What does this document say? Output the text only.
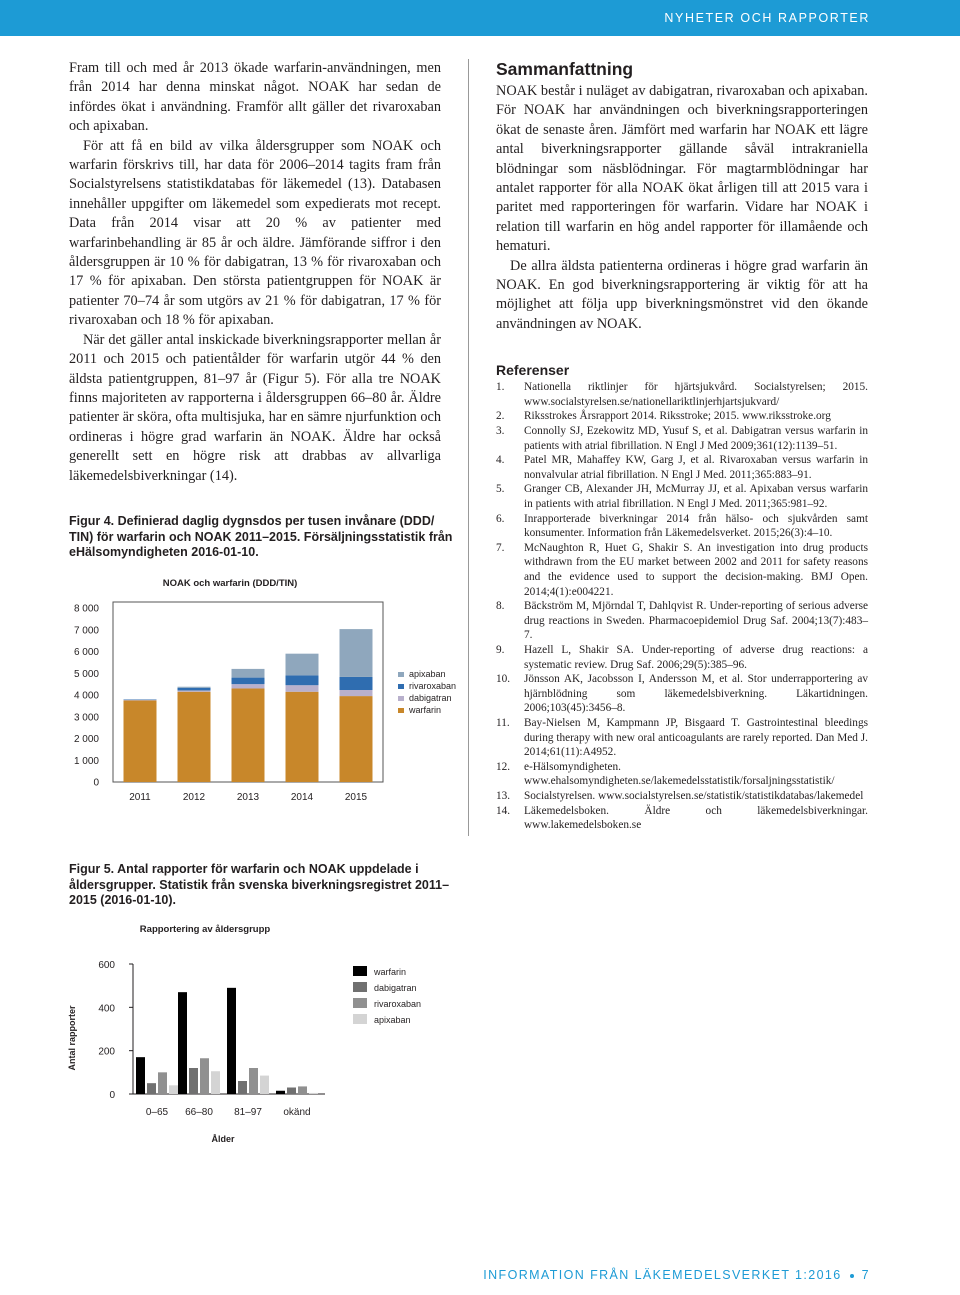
NYHETER OCH RAPPORTER

Fram till och med år 2013 ökade warfarin-användningen, men från 2014 har denna minskat något. NOAK har sedan de infördes ökat i användning. Framför allt gäller det rivaroxaban och apixaban.

För att få en bild av vilka åldersgrupper som NOAK och warfarin förskrivs till, har data för 2006–2014 tagits fram från Socialstyrelsens statistikdatabas för läkemedel (13). Databasen innehåller uppgifter om läkemedel som expedierats mot recept. Data från 2014 visar att 20 % av patienter med warfarinbehandling är 85 år och äldre. Jämförande siffror i den åldersgruppen är 10 % för dabigatran, 13 % för rivaroxaban och 17 % för apixaban. Den största patientgruppen för NOAK är patienter 70–74 år som utgörs av 21 % för dabigatran, 17 % för rivaroxaban och 18 % för apixaban.

När det gäller antal inskickade biverkningsrapporter mellan år 2011 och 2015 och patientålder för warfarin utgör 44 % den äldsta patientgruppen, 81–97 år (Figur 5). För alla tre NOAK finns majoriteten av rapporterna i åldersgruppen 66–80 år. Äldre patienter är sköra, ofta multisjuka, har en sämre njurfunktion och ordineras i högre grad warfarin än NOAK. Äldre har också generellt sett en högre risk att drabbas av allvarliga läkemedelsbiverkningar (14).

Figur 4. Definierad daglig dygnsdos per tusen invånare (DDD/ TIN) för warfarin och NOAK 2011–2015. Försäljningsstatistik från eHälsomyndigheten 2016-01-10.
NOAK och warfarin (DDD/TIN)
0
1 000
2 000
3 000
4 000
5 000
6 000
7 000
8 000
2011	2012	2013	2014	2015
apixaban
rivaroxaban
dabigatran
warfarin
Figur 5. Antal rapporter för warfarin och NOAK uppdelade i åldersgrupper. Statistik från svenska biverkningsregistret 2011–2015 (2016-01-10).
Rapportering av åldersgrupp
0
200
400
600
0–65 66–80 81–97 okänd
Ålder
Antal rapporter
warfarin
dabigatran
rivaroxaban
apixaban
Sammanfattning

NOAK består i nuläget av dabigatran, rivaroxaban och apixaban. För NOAK har användningen och biverkningsrapporteringen ökat de senaste åren. Jämfört med warfarin har NOAK ett lägre antal biverkningsrapporter gällande såväl intrakraniella blödningar som näsblödningar. För magtarmblödningar har antalet rapporter för alla NOAK ökat årligen till att 2015 vara i paritet med rapporteringen för warfarin. Vidare har NOAK i relation till warfarin en hög andel rapporter för illamående och hematuri.

De allra äldsta patienterna ordineras i högre grad warfarin än NOAK. En god biverkningsrapportering är viktig för att ha möjlighet att följa upp biverkningsmönstret vid den ökande användningen av NOAK.

Referenser
1. Nationella riktlinjer för hjärtsjukvård. Socialstyrelsen; 2015. www.socialstyrelsen.se/nationellariktlinjerhjartsjukvard/
2. Riksstrokes Årsrapport 2014. Riksstroke; 2015. www.riksstroke.org
3. Connolly SJ, Ezekowitz MD, Yusuf S, et al. Dabigatran versus warfarin in patients with atrial fibrillation. N Engl J Med 2009;361(12):1139–51.
4. Patel MR, Mahaffey KW, Garg J, et al. Rivaroxaban versus warfarin in nonvalvular atrial fibrillation. N Engl J Med. 2011;365:883–91.
5. Granger CB, Alexander JH, McMurray JJ, et al. Apixaban versus warfarin in patients with atrial fibrillation. N Engl J Med. 2011;365:981–92.
6. Inrapporterade biverkningar 2014 från hälso- och sjukvården samt konsumenter. Information från Läkemedelsverket. 2015;26(3):4–10.
7. McNaughton R, Huet G, Shakir S. An investigation into drug products withdrawn from the EU market between 2002 and 2011 for safety reasons and the evidence used to support the decision-making. BMJ Open. 2014;4(1):e004221.
8. Bäckström M, Mjörndal T, Dahlqvist R. Under-reporting of serious adverse drug reactions in Sweden. Pharmacoepidemiol Drug Saf. 2004;13(7):483–7.
9. Hazell L, Shakir SA. Under-reporting of adverse drug reactions: a systematic review. Drug Saf. 2006;29(5):385–96.
10. Jönsson AK, Jacobsson I, Andersson M, et al. Stor underrapportering av hjärnblödning som läkemedelsbiverkning. Läkartidningen. 2006;103(45):3456–8.
11. Bay-Nielsen M, Kampmann JP, Bisgaard T. Gastrointestinal bleedings during therapy with new oral anticoagulants are rarely reported. Dan Med J. 2014;61(11):A4952.
12. e-Hälsomyndigheten. www.ehalsomyndigheten.se/lakemedelsstatistik/forsaljningsstatistik/
13. Socialstyrelsen. www.socialstyrelsen.se/statistik/statistikdatabas/lakemedel
14. Läkemedelsboken. Äldre och läkemedelsbiverkningar. www.lakemedelsboken.se
INFORMATION FRÅN LÄKEMEDELSVERKET 1:2016 7
